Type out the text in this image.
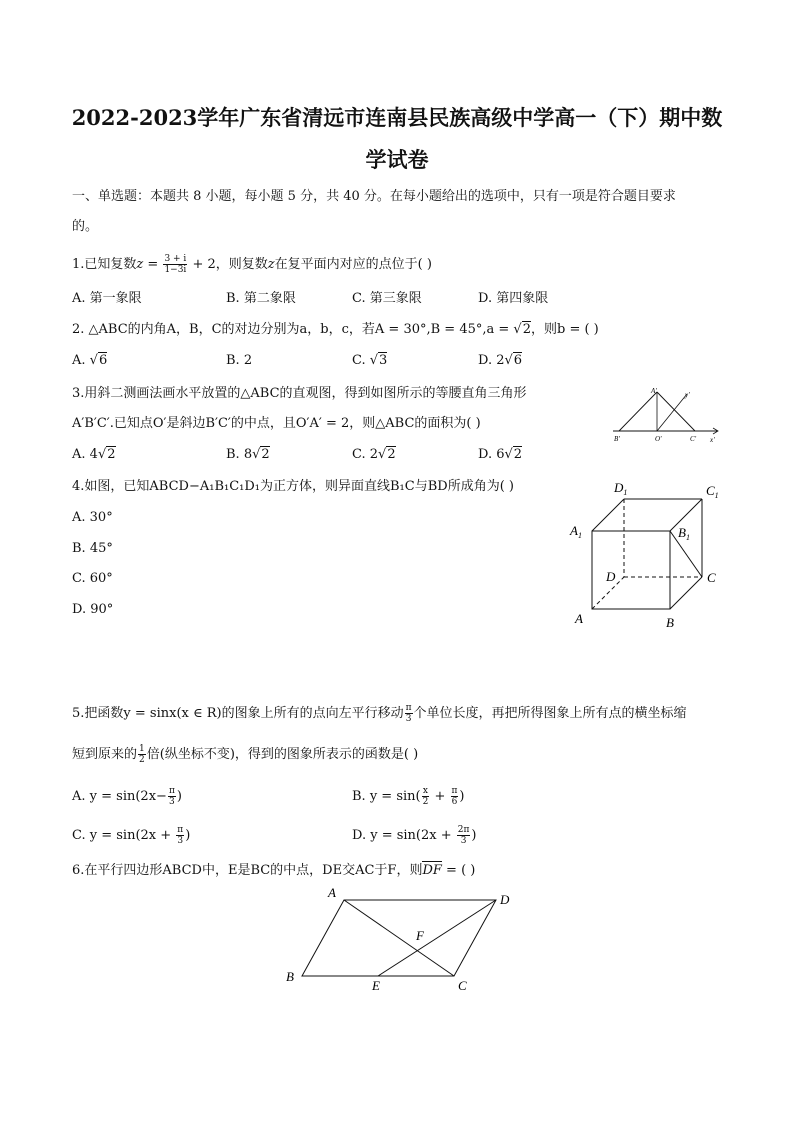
2022-2023学年广东省清远市连南县民族高级中学高一（下）期中数
学试卷
一、单选题：本题共 8 小题，每小题 5 分，共 40 分。在每小题给出的选项中，只有一项是符合题目要求
的。
1.已知复数$z = \frac{3 + i}{1-3i} + 2$，则复数z在复平面内对应的点位于( )
A. 第一象限	B. 第二象限	C. 第三象限	D. 第四象限
2. △ABC的内角A，B，C的对边分别为a，b，c，若A = 30°,B = 45°,a = √2，则b = ( )
A. √6	B. 2	C. √3	D. 2√6
3.用斜二测画法画水平放置的△ABC的直观图，得到如图所示的等腰直角三角形
A′B′C′.已知点O′是斜边B′C′的中点，且O′A′ = 2，则△ABC的面积为( )
A. 4√2	B. 8√2	C. 2√2	D. 6√2
A'	y'
B'	O'	C' x'
4.如图，已知ABCD−A₁B₁C₁D₁为正方体，则异面直线B₁C与BD所成角为( )
A. 30°
B. 45°
C. 60°
D. 90°
$D_1$	$C_1$
$A_1$	$B_1$
D	C
A	B
5.把函数y = sinx(x ∈ R)的图象上所有的点向左平行移动 $\frac{\pi}{3}$ 个单位长度，再把所得图象上所有点的横坐标缩
短到原来的 $\frac{1}{2}$ 倍(纵坐标不变)，得到的图象所表示的函数是( )
A. $y = \sin(2x- \frac{\pi}{3}$ )	B. $y = \sin( \frac{x}{2} + \frac{\pi}{6}$ )
C. $y = \sin(2x + \frac{\pi}{3}$ )	D. $y = \sin(2x + \frac{2\pi}{3}$ )
6.在平行四边形ABCD中，E是BC的中点，DE交AC于F，则
DF = ( )
A	D
F
B
E	C
